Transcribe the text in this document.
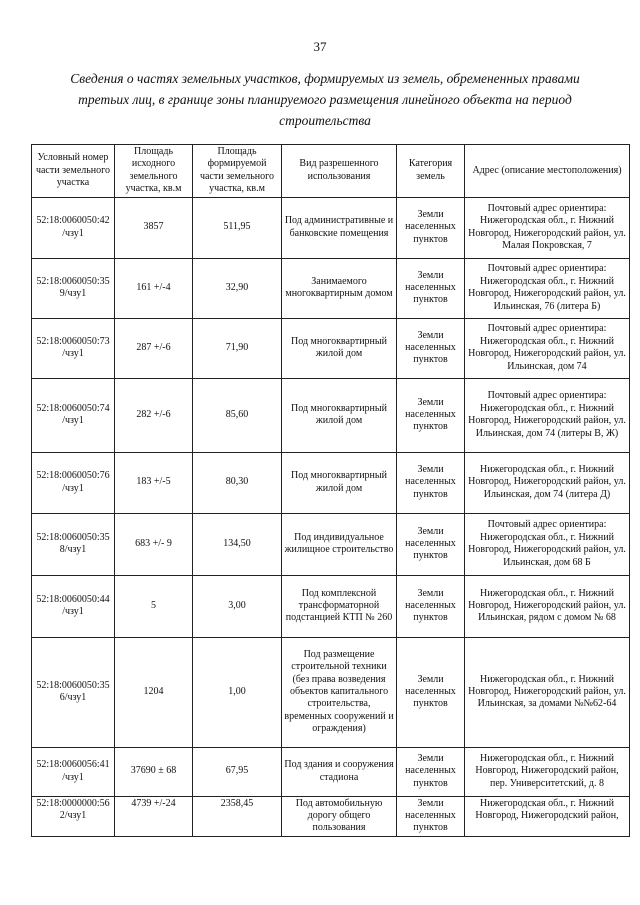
37
Сведения о частях земельных участков, формируемых из земель, обремененных правами третьих лиц, в границе зоны планируемого размещения линейного объекта на период строительства
Условный номер части земельного участка	Площадь исходного земельного участка, кв.м	Площадь формируемой части земельного участка, кв.м	Вид разрешенного использования	Категория земель	Адрес (описание местоположения)
52:18:0060050:42 /чзу1	3857	511,95	Под административные и банковские помещения	Земли населенных пунктов	Почтовый адрес ориентира: Нижегородская обл., г. Нижний Новгород, Нижегородский район, ул. Малая Покровская, 7
52:18:0060050:35 9/чзу1	161 +/-4	32,90	Занимаемого многоквартирным домом	Земли населенных пунктов	Почтовый адрес ориентира: Нижегородская обл., г. Нижний Новгород, Нижегородский район, ул. Ильинская, 76 (литера Б)
52:18:0060050:73 /чзу1	287 +/-6	71,90	Под многоквартирный жилой дом	Земли населенных пунктов	Почтовый адрес ориентира: Нижегородская обл., г. Нижний Новгород, Нижегородский район, ул. Ильинская, дом 74
52:18:0060050:74 /чзу1	282 +/-6	85,60	Под многоквартирный жилой дом	Земли населенных пунктов	Почтовый адрес ориентира: Нижегородская обл., г. Нижний Новгород, Нижегородский район, ул. Ильинская, дом 74 (литеры В, Ж)
52:18:0060050:76 /чзу1	183 +/-5	80,30	Под многоквартирный жилой дом	Земли населенных пунктов	Нижегородская обл., г. Нижний Новгород, Нижегородский район, ул. Ильинская, дом 74 (литера Д)
52:18:0060050:35 8/чзу1	683 +/- 9	134,50	Под индивидуальное жилищное строительство	Земли населенных пунктов	Почтовый адрес ориентира: Нижегородская обл., г. Нижний Новгород, Нижегородский район, ул. Ильинская, дом 68 Б
52:18:0060050:44 /чзу1	5	3,00	Под комплексной трансформаторной подстанцией КТП № 260	Земли населенных пунктов	Нижегородская обл., г. Нижний Новгород, Нижегородский район, ул. Ильинская, рядом с домом № 68
52:18:0060050:35 6/чзу1	1204	1,00	Под размещение строительной техники (без права возведения объектов капитального строительства, временных сооружений и ограждения)	Земли населенных пунктов	Нижегородская обл., г. Нижний Новгород, Нижегородский район, ул. Ильинская, за домами №№62-64
52:18:0060056:41 /чзу1	37690 ± 68	67,95	Под здания и сооружения стадиона	Земли населенных пунктов	Нижегородская обл., г. Нижний Новгород, Нижегородский район, пер. Университетский, д. 8
52:18:0000000:56 2/чзу1	4739 +/-24	2358,45	Под автомобильную дорогу общего пользования	Земли населенных пунктов	Нижегородская обл., г. Нижний Новгород, Нижегородский район,
